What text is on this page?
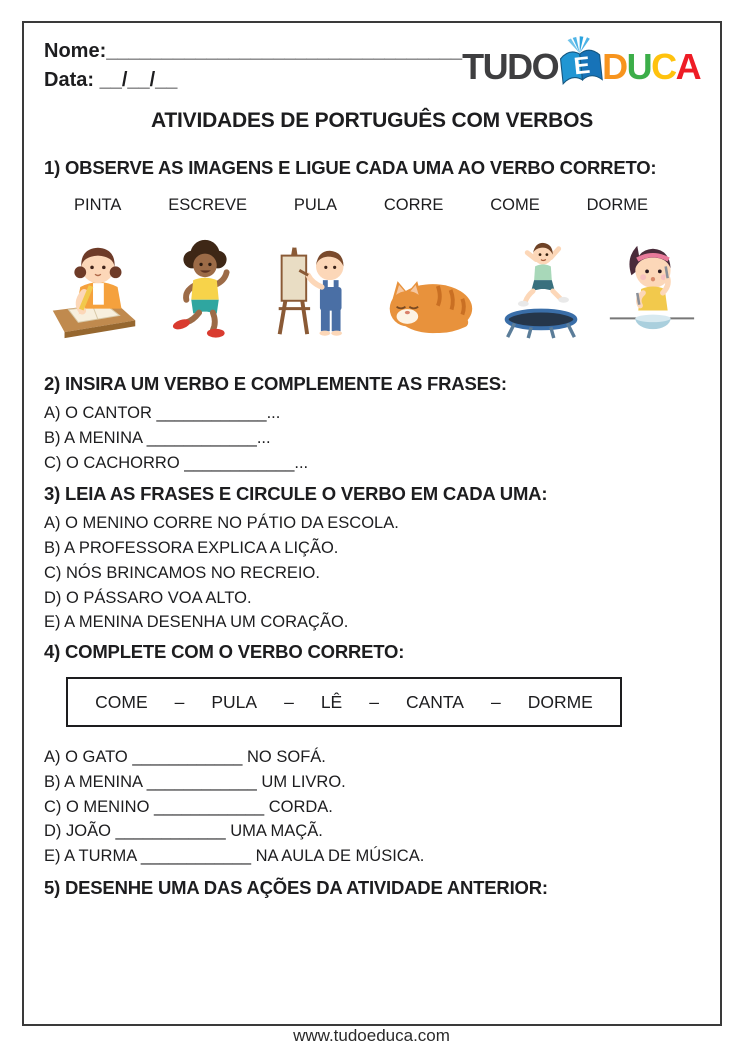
Nome:________________________________
Data: __/__/__	TUDO E D U C A
ATIVIDADES DE PORTUGUÊS COM VERBOS
1) OBSERVE AS IMAGENS E LIGUE CADA UMA AO VERBO CORRETO:
PINTA	ESCREVE	PULA	CORRE	COME	DORME
2) INSIRA UM VERBO E COMPLEMENTE AS FRASES:
A) O CANTOR ____________...
B) A MENINA ____________...
C) O CACHORRO ____________...
3) LEIA AS FRASES E CIRCULE O VERBO EM CADA UMA:
A) O MENINO CORRE NO PÁTIO DA ESCOLA.
B) A PROFESSORA EXPLICA A LIÇÃO.
C) NÓS BRINCAMOS NO RECREIO.
D) O PÁSSARO VOA ALTO.
E) A MENINA DESENHA UM CORAÇÃO.
4) COMPLETE COM O VERBO CORRETO:
COME – PULA – LÊ – CANTA – DORME
A) O GATO ____________ NO SOFÁ.
B) A MENINA ____________ UM LIVRO.
C) O MENINO ____________ CORDA.
D) JOÃO ____________ UMA MAÇÃ.
E) A TURMA ____________ NA AULA DE MÚSICA.
5) DESENHE UMA DAS AÇÕES DA ATIVIDADE ANTERIOR:
www.tudoeduca.com
